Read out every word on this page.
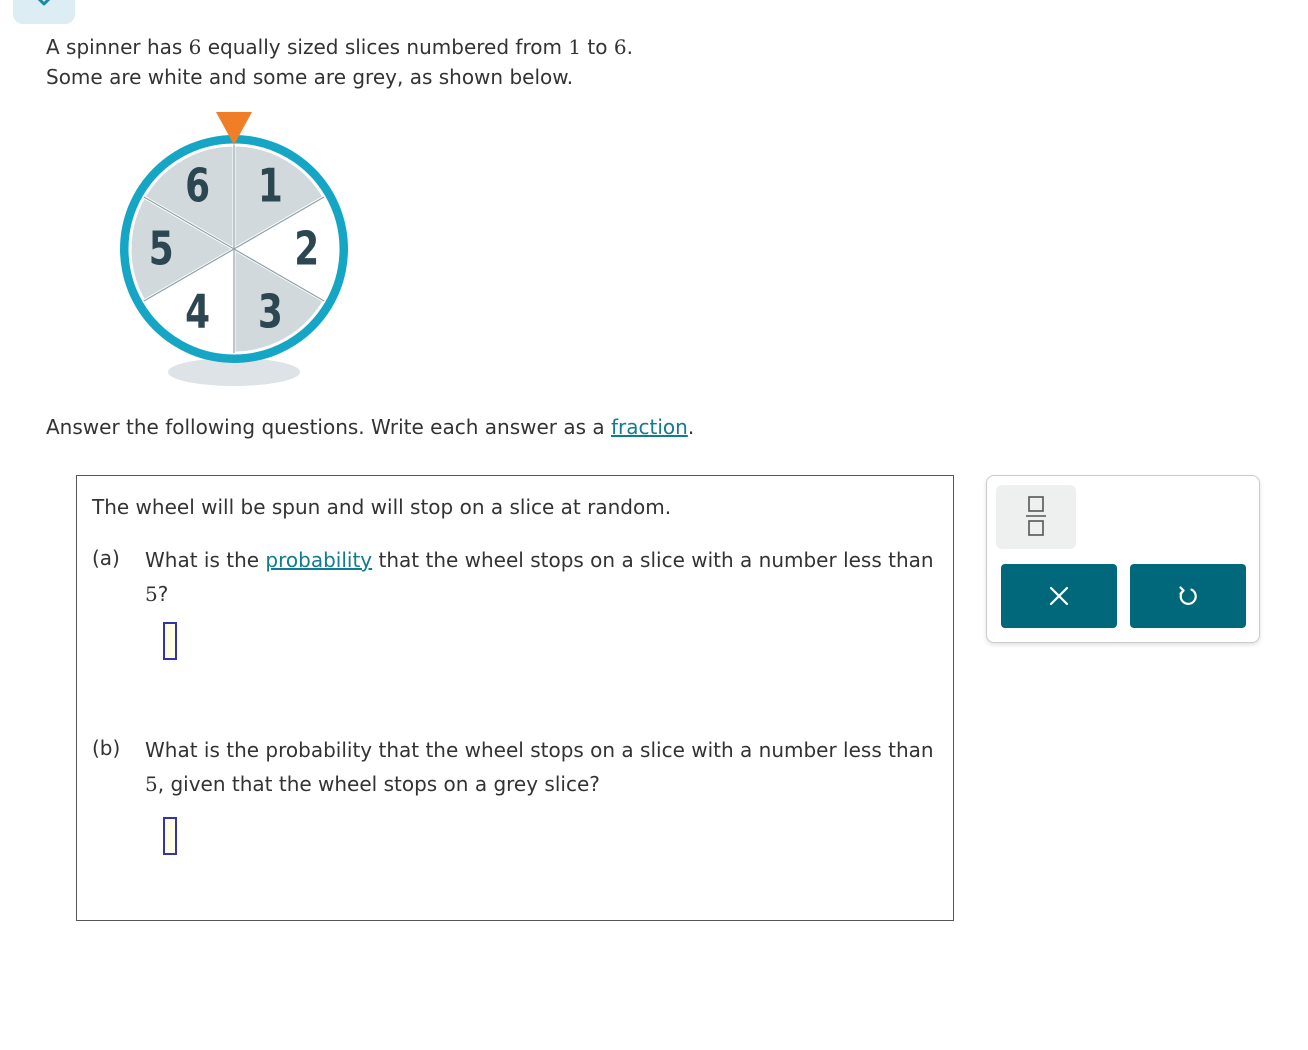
A spinner has 6 equally sized slices numbered from 1 to 6.

Some are white and some are grey, as shown below.

1
2
3
4
5
6
Answer the following questions. Write each answer as a fraction.
The wheel will be spun and will stop on a slice at random.
(a) What is the probability that the wheel stops on a slice with a number less than 5?
(b) What is the probability that the wheel stops on a slice with a number less than 5, given that the wheel stops on a grey slice?
